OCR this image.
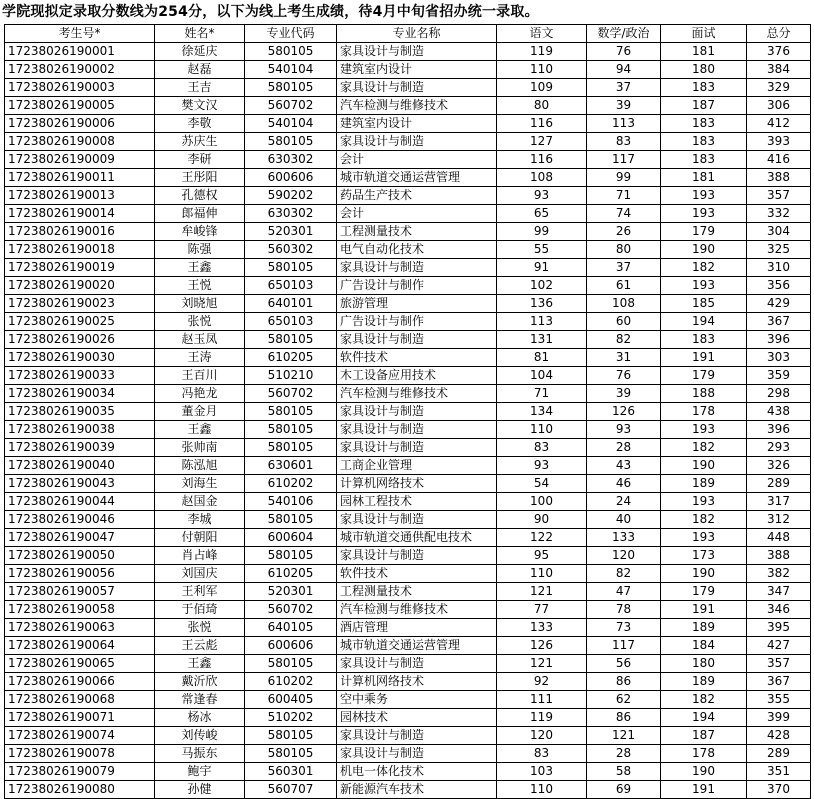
学院现拟定录取分数线为254分，以下为线上考生成绩，待4月中旬省招办统一录取。
考生号*	姓名*	专业代码	专业名称	语文	数学/政治	面试	总分
17238026190001	徐延庆	580105	家具设计与制造	119	76	181	376
17238026190002	赵磊	540104	建筑室内设计	110	94	180	384
17238026190003	王吉	580105	家具设计与制造	109	37	183	329
17238026190005	樊文汉	560702	汽车检测与维修技术	80	39	187	306
17238026190006	李敬	540104	建筑室内设计	116	113	183	412
17238026190008	苏庆生	580105	家具设计与制造	127	83	183	393
17238026190009	李研	630302	会计	116	117	183	416
17238026190011	王彤阳	600606	城市轨道交通运营管理	108	99	181	388
17238026190013	孔德权	590202	药品生产技术	93	71	193	357
17238026190014	郎福伸	630302	会计	65	74	193	332
17238026190016	牟峻锋	520301	工程测量技术	99	26	179	304
17238026190018	陈强	560302	电气自动化技术	55	80	190	325
17238026190019	王鑫	580105	家具设计与制造	91	37	182	310
17238026190020	王悦	650103	广告设计与制作	102	61	193	356
17238026190023	刘晓旭	640101	旅游管理	136	108	185	429
17238026190025	张悦	650103	广告设计与制作	113	60	194	367
17238026190026	赵玉凤	580105	家具设计与制造	131	82	183	396
17238026190030	王涛	610205	软件技术	81	31	191	303
17238026190033	王百川	510210	木工设备应用技术	104	76	179	359
17238026190034	冯艳龙	560702	汽车检测与维修技术	71	39	188	298
17238026190035	董金月	580105	家具设计与制造	134	126	178	438
17238026190038	王鑫	580105	家具设计与制造	110	93	193	396
17238026190039	张帅南	580105	家具设计与制造	83	28	182	293
17238026190040	陈泓旭	630601	工商企业管理	93	43	190	326
17238026190043	刘海生	610202	计算机网络技术	54	46	189	289
17238026190044	赵国金	540106	园林工程技术	100	24	193	317
17238026190046	李城	580105	家具设计与制造	90	40	182	312
17238026190047	付朝阳	600604	城市轨道交通供配电技术	122	133	193	448
17238026190050	肖占峰	580105	家具设计与制造	95	120	173	388
17238026190056	刘国庆	610205	软件技术	110	82	190	382
17238026190057	王利军	520301	工程测量技术	121	47	179	347
17238026190058	于佰琦	560702	汽车检测与维修技术	77	78	191	346
17238026190063	张悦	640105	酒店管理	133	73	189	395
17238026190064	王云彪	600606	城市轨道交通运营管理	126	117	184	427
17238026190065	王鑫	580105	家具设计与制造	121	56	180	357
17238026190066	戴沂欣	610202	计算机网络技术	92	86	189	367
17238026190068	常逢春	600405	空中乘务	111	62	182	355
17238026190071	杨冰	510202	园林技术	119	86	194	399
17238026190074	刘传峻	580105	家具设计与制造	120	121	187	428
17238026190078	马振东	580105	家具设计与制造	83	28	178	289
17238026190079	鲍宇	560301	机电一体化技术	103	58	190	351
17238026190080	孙健	560707	新能源汽车技术	110	69	191	370
